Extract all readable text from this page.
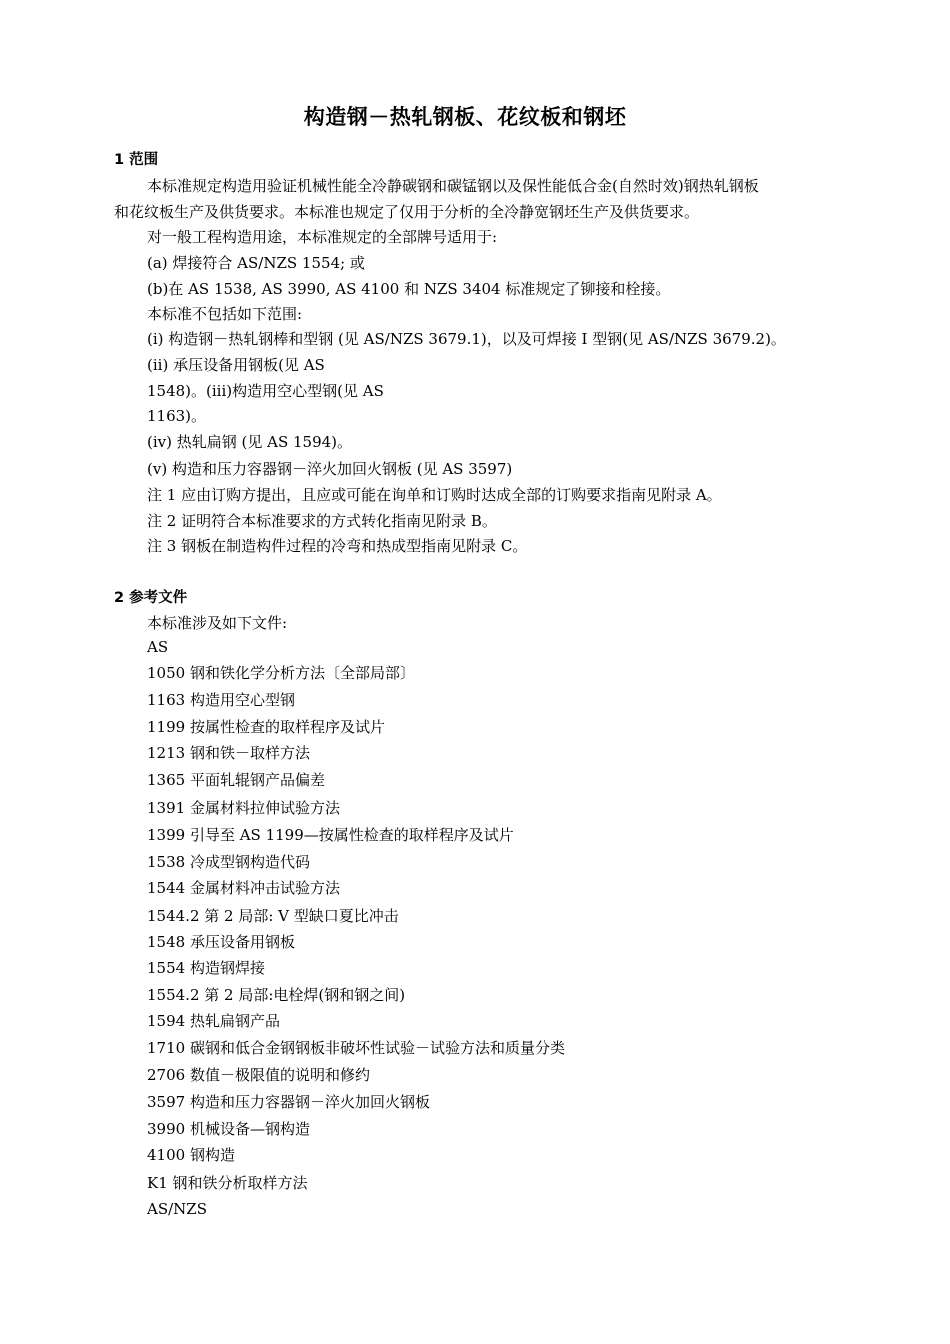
构造钢－热轧钢板、花纹板和钢坯
1 范围
本标准规定构造用验证机械性能全冷静碳钢和碳锰钢以及保性能低合金(自然时效)钢热轧钢板
和花纹板生产及供货要求。本标准也规定了仅用于分析的全冷静宽钢坯生产及供货要求。
对一般工程构造用途，本标准规定的全部牌号适用于:
(a) 焊接符合 AS/NZS 1554; 或
(b)在 AS 1538, AS 3990, AS 4100 和 NZS 3404 标准规定了铆接和栓接。
本标准不包括如下范围:
(i) 构造钢－热轧钢棒和型钢 (见 AS/NZS 3679.1)，以及可焊接 I 型钢(见 AS/NZS 3679.2)。
(ii) 承压设备用钢板(见 AS
1548)。(iii)构造用空心型钢(见 AS
1163)。
(iv) 热轧扁钢 (见 AS 1594)。
(v) 构造和压力容器钢－淬火加回火钢板 (见 AS 3597)
注 1 应由订购方提出，且应或可能在询单和订购时达成全部的订购要求指南见附录 A。
注 2 证明符合本标准要求的方式转化指南见附录 B。
注 3 钢板在制造构件过程的冷弯和热成型指南见附录 C。
2 参考文件
本标准涉及如下文件:
AS
1050 钢和铁化学分析方法〔全部局部〕
1163 构造用空心型钢
1199 按属性检查的取样程序及试片
1213 钢和铁－取样方法
1365 平面轧辊钢产品偏差
1391 金属材料拉伸试验方法
1399 引导至 AS 1199—按属性检查的取样程序及试片
1538 冷成型钢构造代码
1544 金属材料冲击试验方法
1544.2 第 2 局部: V 型缺口夏比冲击
1548 承压设备用钢板
1554 构造钢焊接
1554.2 第 2 局部:电栓焊(钢和钢之间)
1594 热轧扁钢产品
1710 碳钢和低合金钢钢板非破坏性试验－试验方法和质量分类
2706 数值－极限值的说明和修约
3597 构造和压力容器钢－淬火加回火钢板
3990 机械设备—钢构造
4100 钢构造
K1 钢和铁分析取样方法
AS/NZS
